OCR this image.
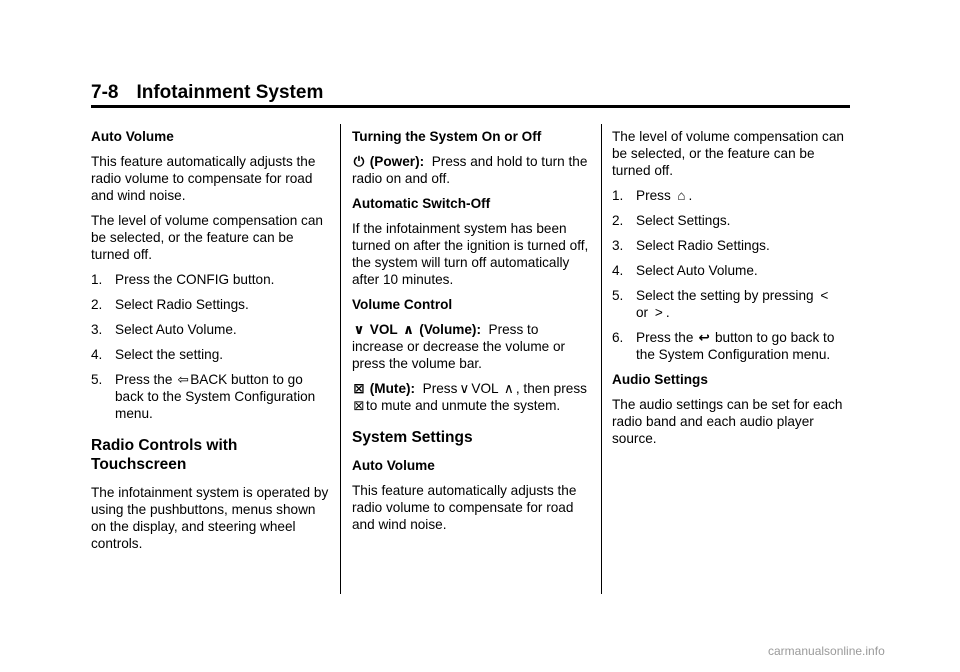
7-8 Infotainment System

Auto Volume

This feature automatically adjusts the radio volume to compensate for road and wind noise.

The level of volume compensation can be selected, or the feature can be turned off.

1. Press the CONFIG button.
2. Select Radio Settings.
3. Select Auto Volume.
4. Select the setting.
5. Press the ⇦BACK button to go back to the System Configuration menu.
Radio Controls with Touchscreen

The infotainment system is operated by using the pushbuttons, menus shown on the display, and steering wheel controls.

Turning the System On or Off

⏻ (Power): Press and hold to turn the radio on and off.

Automatic Switch-Off

If the infotainment system has been turned on after the ignition is turned off, the system will turn off automatically after 10 minutes.

Volume Control

∨ VOL ∧ (Volume): Press to increase or decrease the volume or press the volume bar.

⊠ (Mute): Press ∨ VOL ∧ , then press⊠to mute and unmute the system.

System Settings

Auto Volume

This feature automatically adjusts the radio volume to compensate for road and wind noise.

The level of volume compensation can be selected, or the feature can be turned off.

1. Press ⌂ .
2. Select Settings.
3. Select Radio Settings.
4. Select Auto Volume.
5. Select the setting by pressing <
or > .
6. Press the ↩ button to go back to the System Configuration menu.

Audio Settings

The audio settings can be set for each radio band and each audio player source.

carmanualsonline.info
